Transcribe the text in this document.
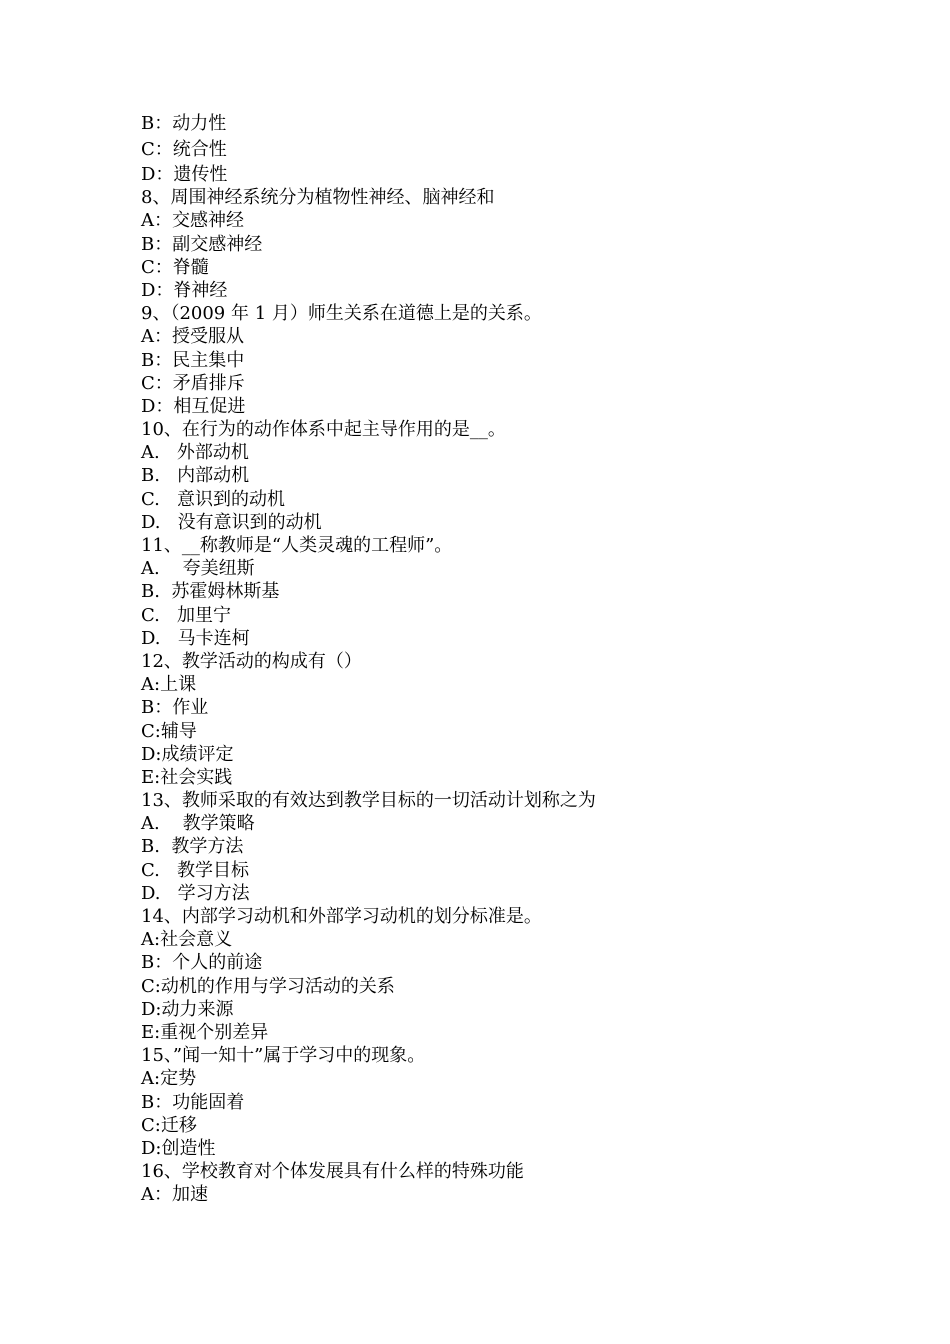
B：动力性
C：统合性
D：遗传性
8、周围神经系统分为植物性神经、脑神经和
A：交感神经
B：副交感神经
C：脊髓
D：脊神经
9、（2009 年 1 月）师生关系在道德上是的关系。
A：授受服从
B：民主集中
C：矛盾排斥
D：相互促进
10、在行为的动作体系中起主导作用的是__。
A.   外部动机
B.   内部动机
C.   意识到的动机
D.   没有意识到的动机
11、__称教师是“人类灵魂的工程师”。
A.    夸美纽斯
B.  苏霍姆林斯基
C.   加里宁
D.   马卡连柯
12、教学活动的构成有（）
A:上课
B：作业
C:辅导
D:成绩评定
E:社会实践
13、教师采取的有效达到教学目标的一切活动计划称之为
A.    教学策略
B.  教学方法
C.   教学目标
D.   学习方法
14、内部学习动机和外部学习动机的划分标准是。
A:社会意义
B：个人的前途
C:动机的作用与学习活动的关系
D:动力来源
E:重视个别差异
15、”闻一知十”属于学习中的现象。
A:定势
B：功能固着
C:迁移
D:创造性
16、学校教育对个体发展具有什么样的特殊功能
A：加速
